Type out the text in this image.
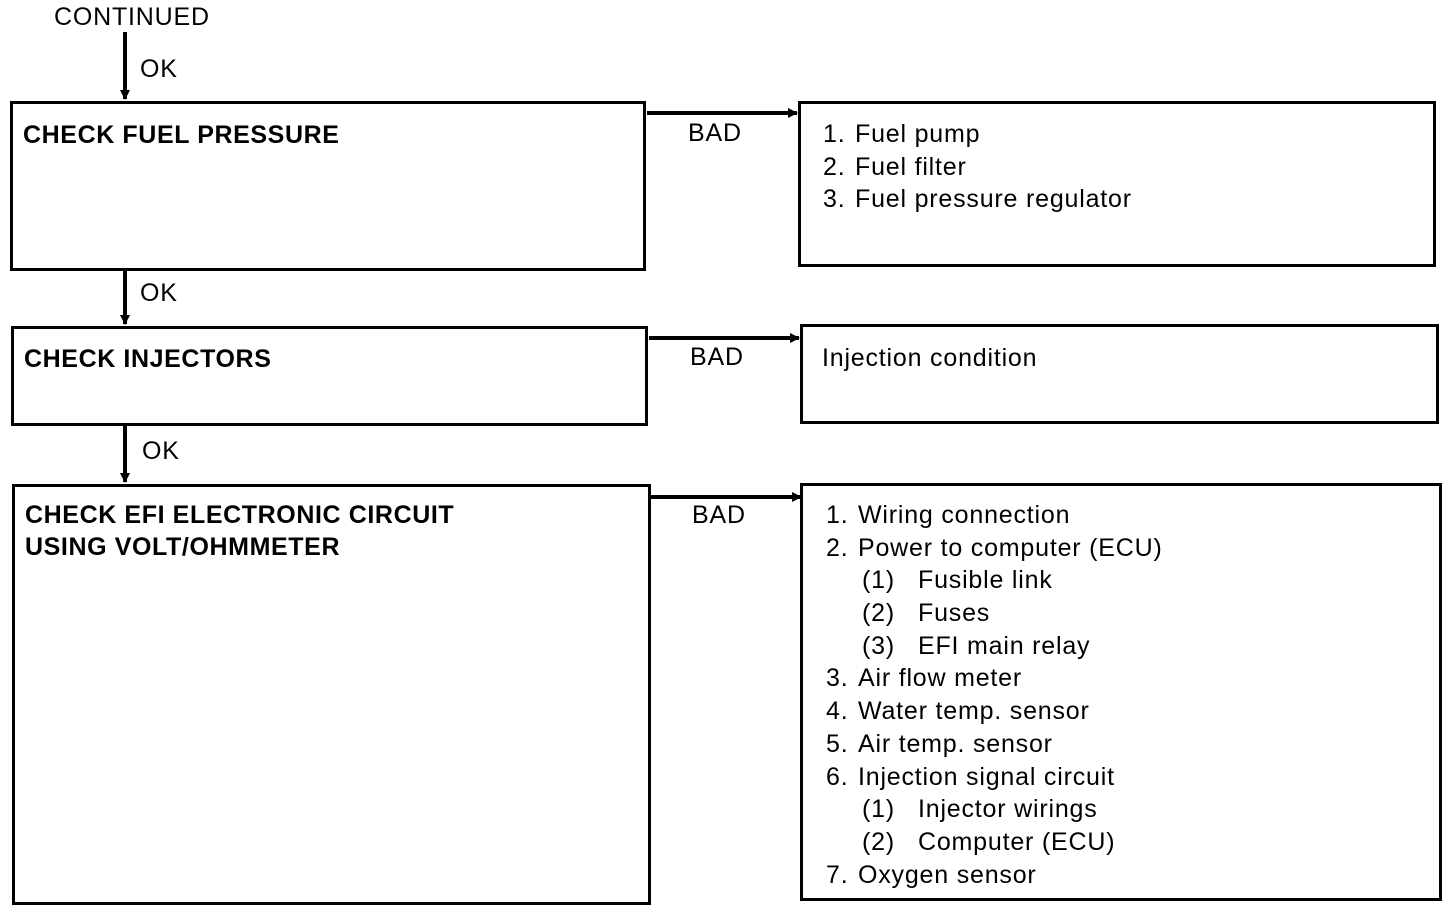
CONTINUED
OK
OK
OK
BAD
BAD
BAD
CHECK FUEL PRESSURE	1. Fuel pump
2. Fuel filter
3. Fuel pressure regulator
CHECK INJECTORS	Injection condition
CHECK EFI ELECTRONIC CIRCUIT
USING VOLT/OHMMETER
1. Wiring connection
2. Power to computer (ECU)
(1) Fusible link
(2) Fuses
(3) EFI main relay
3. Air flow meter
4. Water temp. sensor
5. Air temp. sensor
6. Injection signal circuit
(1) Injector wirings
(2) Computer (ECU)
7. Oxygen sensor
